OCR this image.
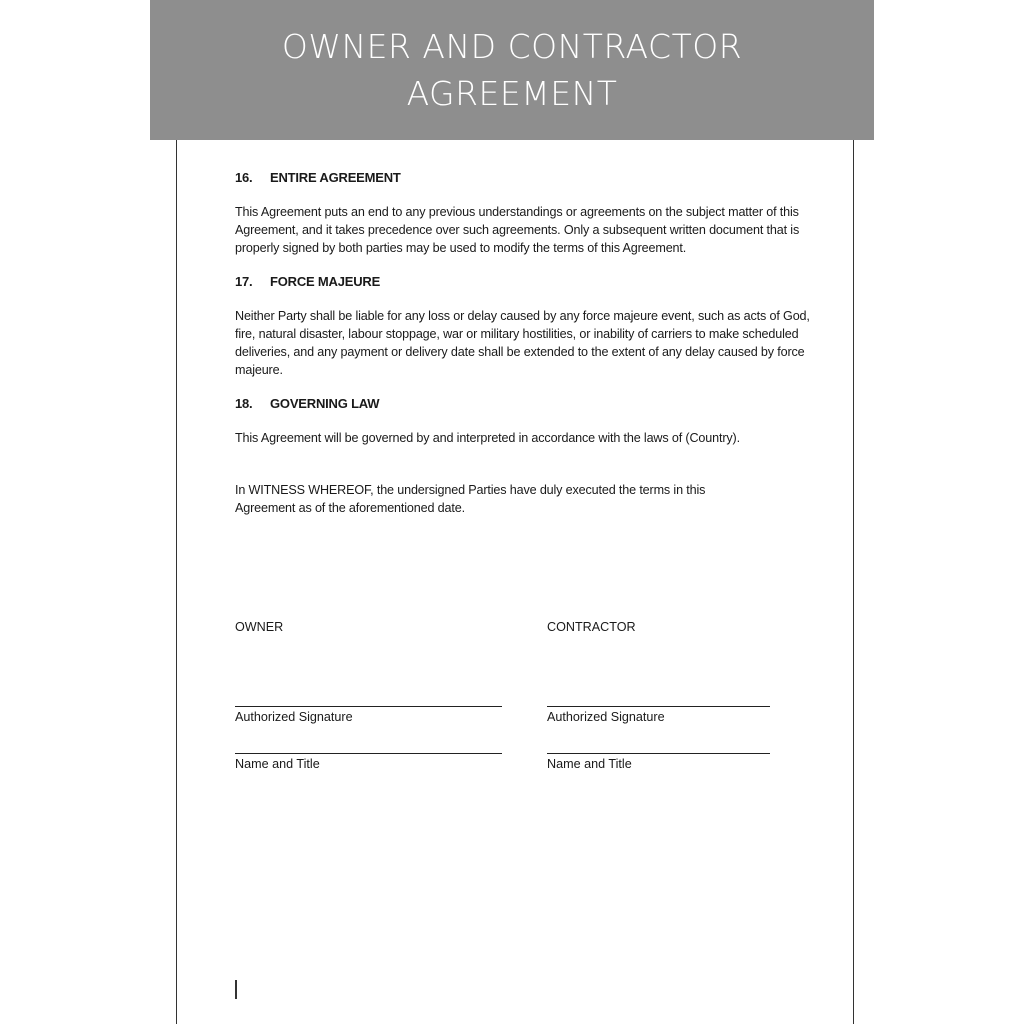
OWNER AND CONTRACTOR
AGREEMENT

16. ENTIRE AGREEMENT

This Agreement puts an end to any previous understandings or agreements on the subject matter of this Agreement, and it takes precedence over such agreements. Only a subsequent written document that is properly signed by both parties may be used to modify the terms of this Agreement.

17. FORCE MAJEURE

Neither Party shall be liable for any loss or delay caused by any force majeure event, such as acts of God, fire, natural disaster, labour stoppage, war or military hostilities, or inability of carriers to make scheduled deliveries, and any payment or delivery date shall be extended to the extent of any delay caused by force majeure.

18. GOVERNING LAW

This Agreement will be governed by and interpreted in accordance with the laws of (Country).

In WITNESS WHEREOF, the undersigned Parties have duly executed the terms in this Agreement as of the aforementioned date.

OWNER

Authorized Signature
Name and Title

CONTRACTOR

Authorized Signature
Name and Title
